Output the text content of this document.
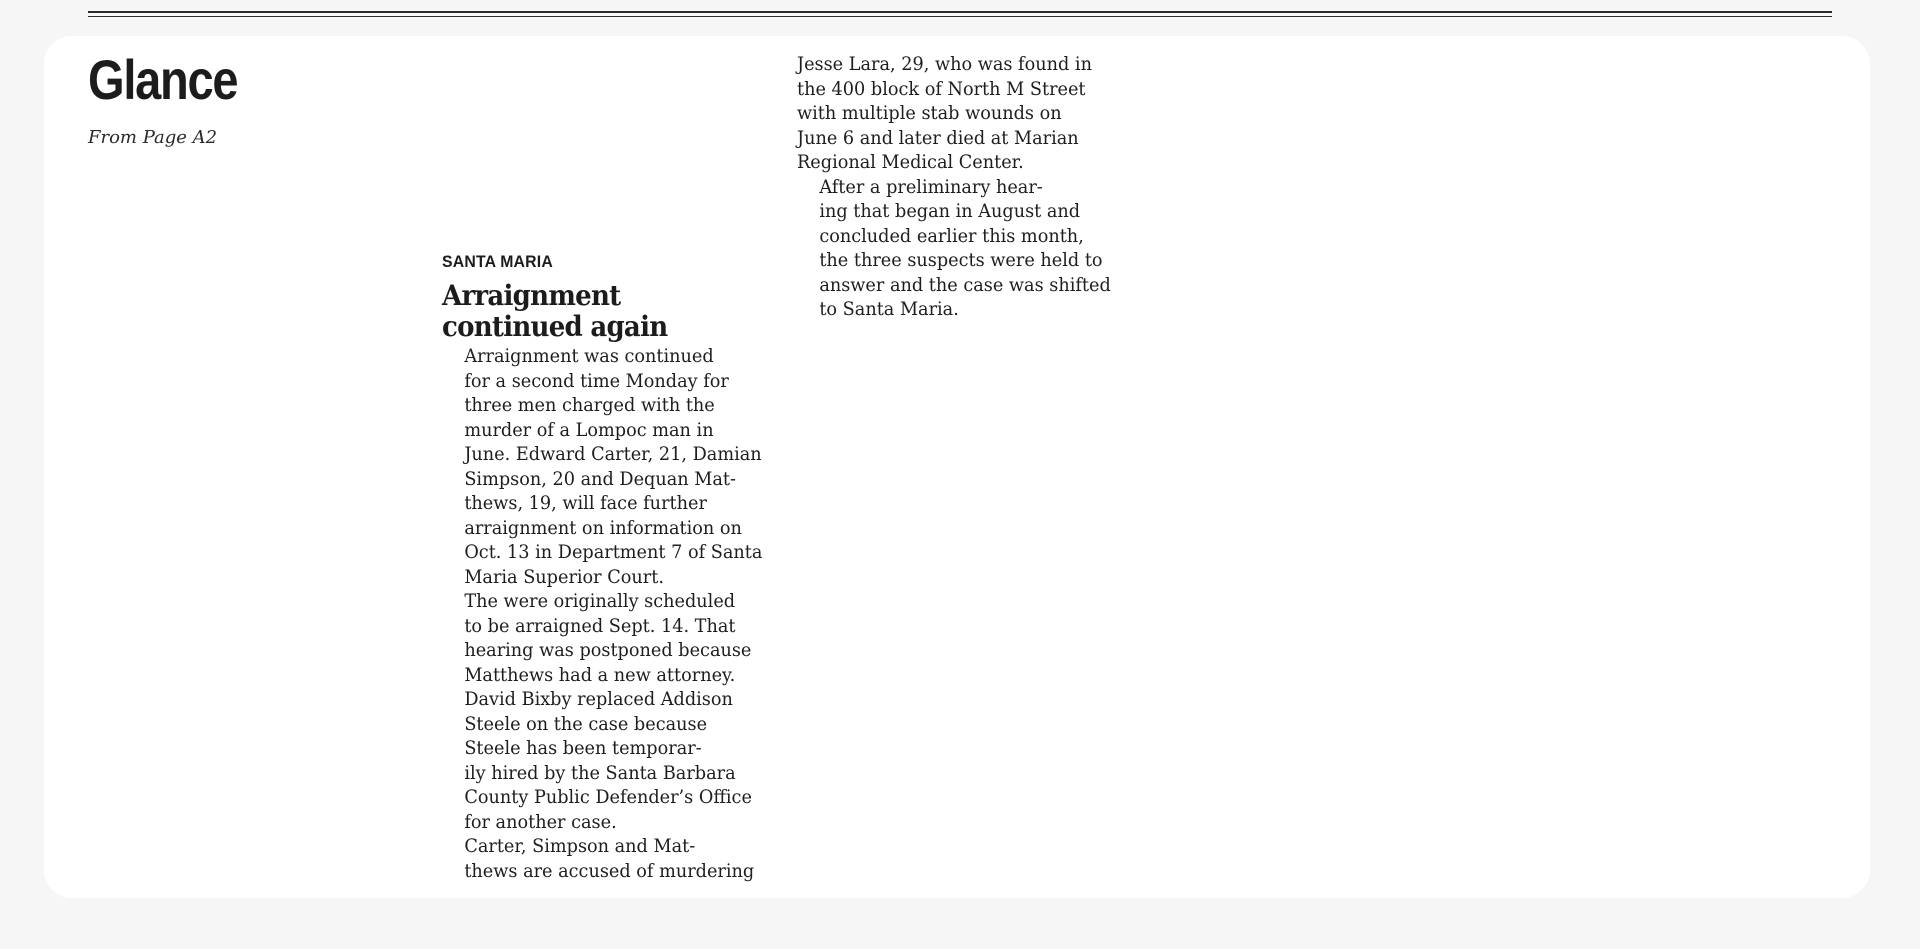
Glance
From Page A2
SANTA MARIA
Arraignment
continued again

Arraignment was continued
for a second time Monday for
three men charged with the
murder of a Lompoc man in
June. Edward Carter, 21, Damian
Simpson, 20 and Dequan Mat-
thews, 19, will face further
arraignment on information on
Oct. 13 in Department 7 of Santa
Maria Superior Court.

The were originally scheduled
to be arraigned Sept. 14. That
hearing was postponed because
Matthews had a new attorney.
David Bixby replaced Addison
Steele on the case because
Steele has been temporar-
ily hired by the Santa Barbara
County Public Defender’s Office
for another case.

Carter, Simpson and Mat-
thews are accused of murdering

Jesse Lara, 29, who was found in
the 400 block of North M Street
with multiple stab wounds on
June 6 and later died at Marian
Regional Medical Center.

After a preliminary hear-
ing that began in August and
concluded earlier this month,
the three suspects were held to
answer and the case was shifted
to Santa Maria.
